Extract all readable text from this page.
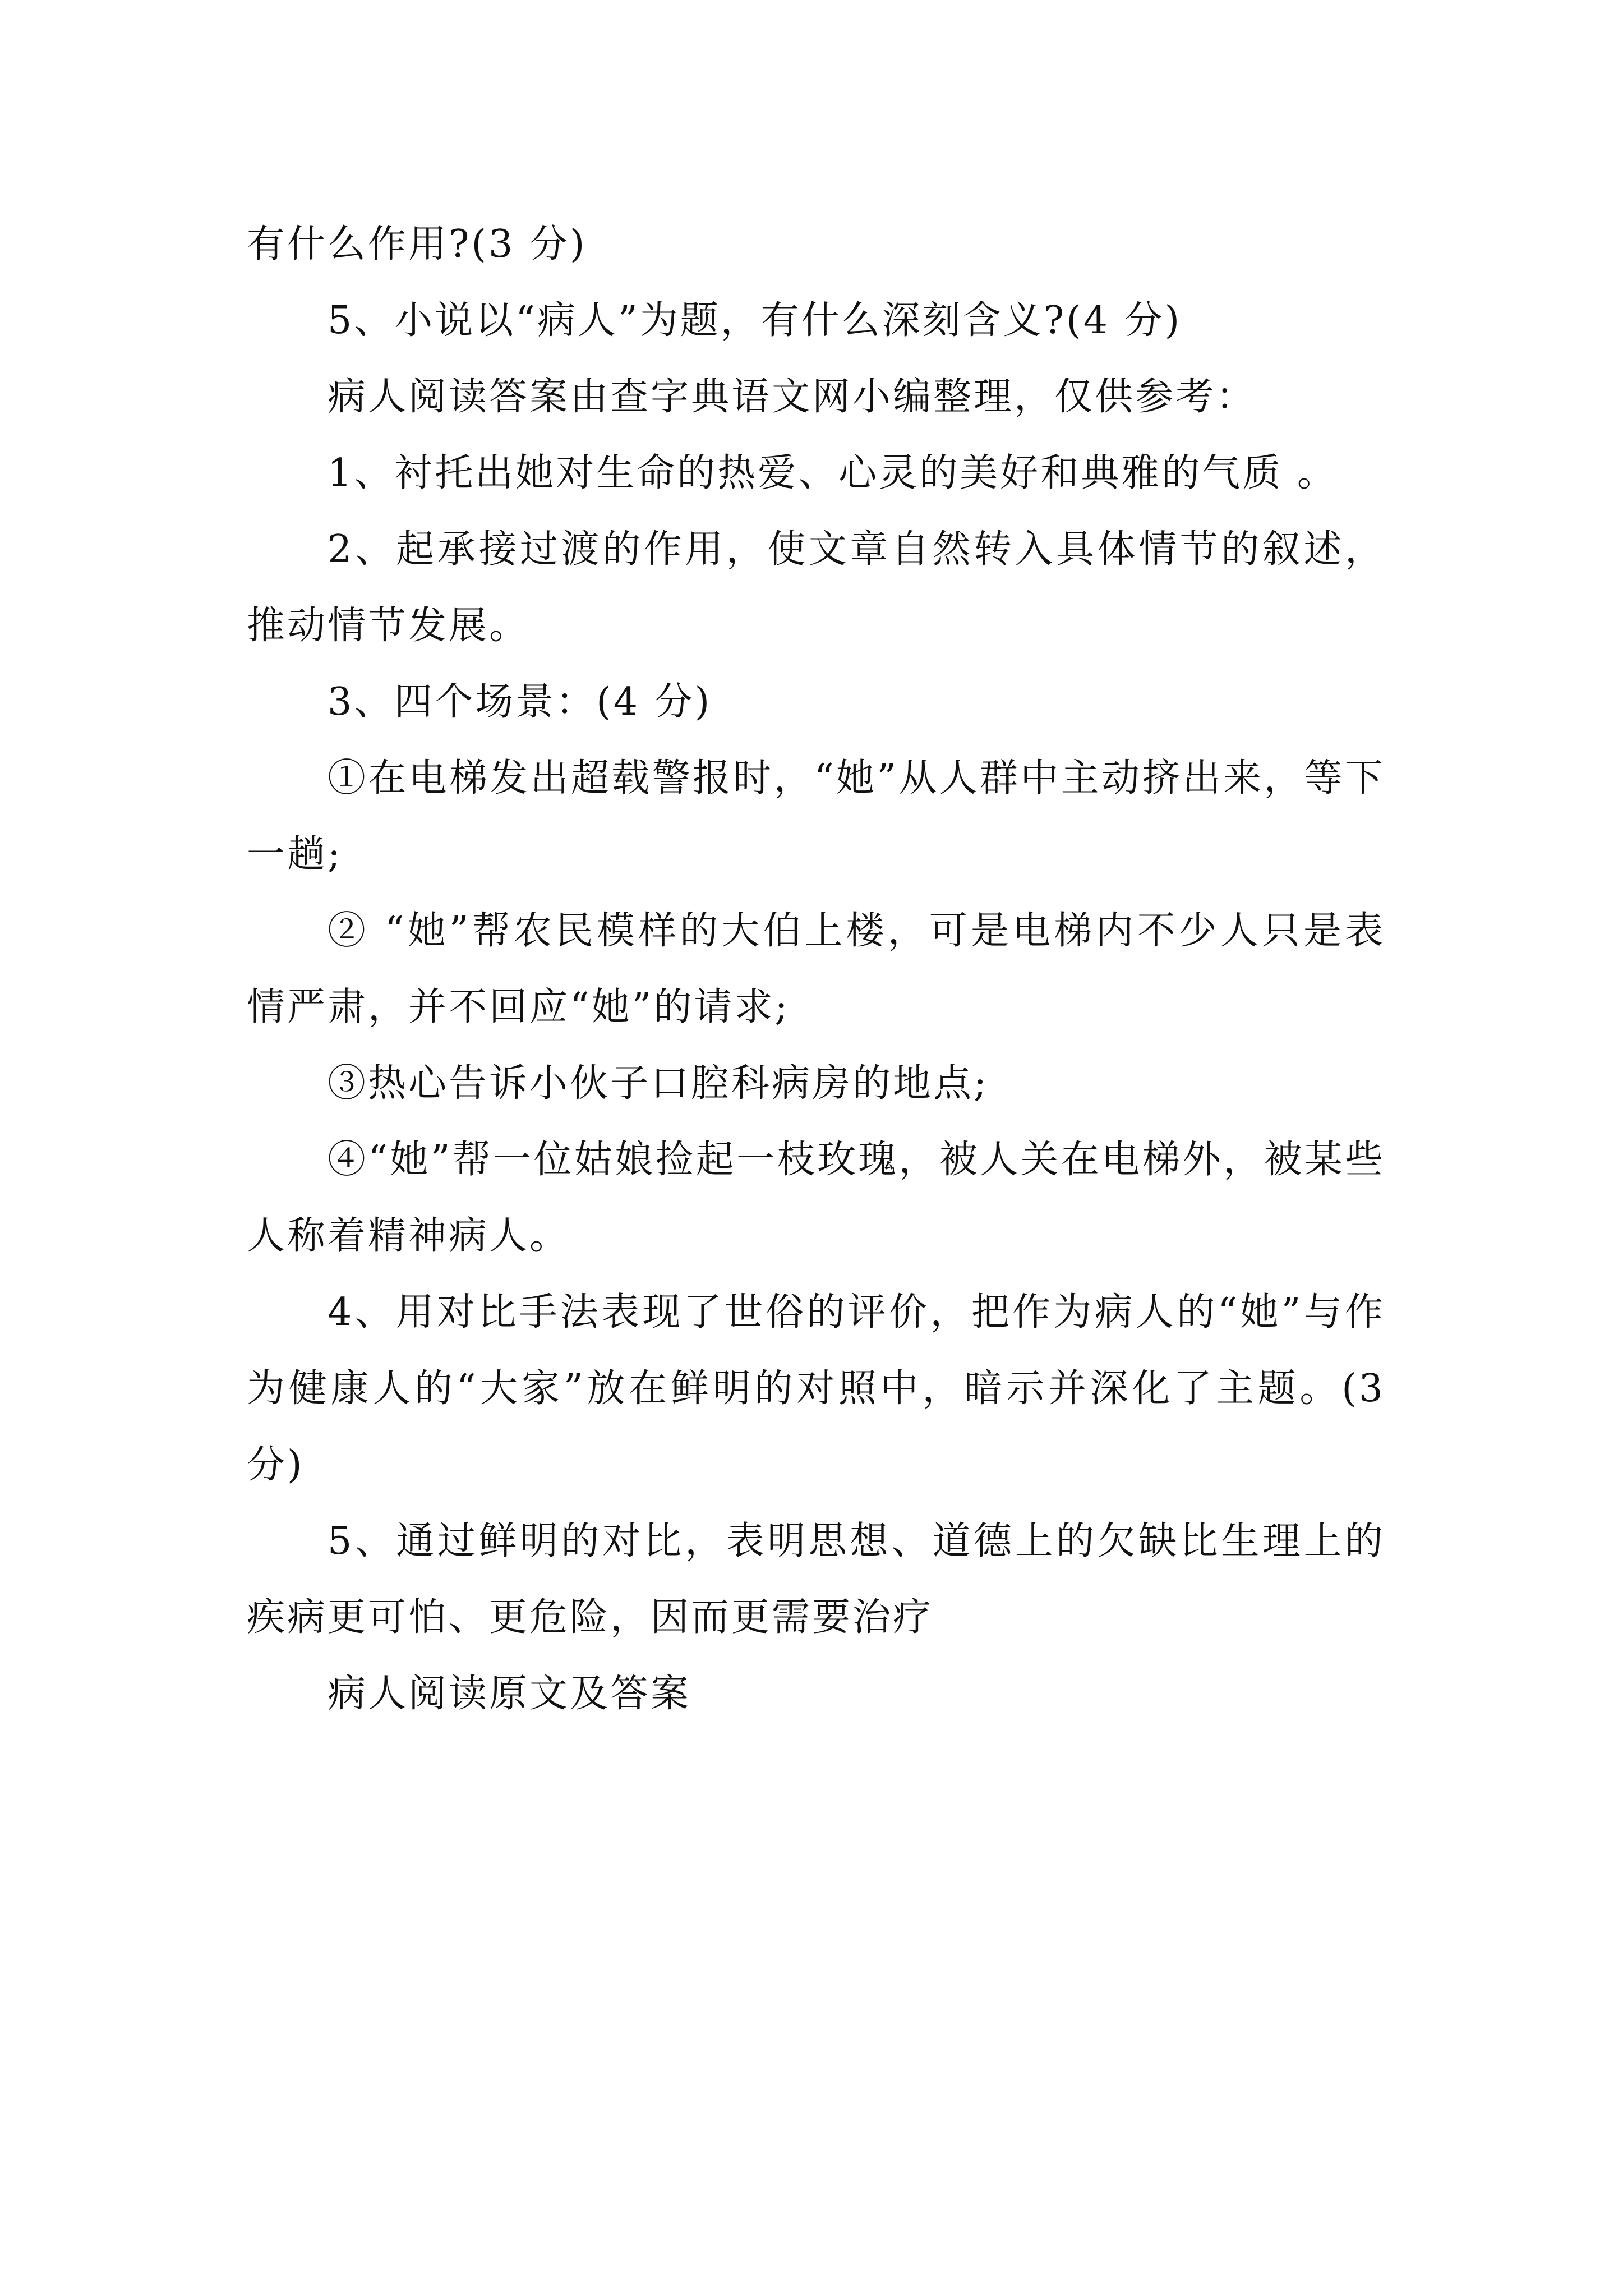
有什么作用?(3 分)

5、小说以“病人”为题，有什么深刻含义?(4 分)

病人阅读答案由查字典语文网小编整理，仅供参考：

1、衬托出她对生命的热爱、心灵的美好和典雅的气质 。

2、起承接过渡的作用，使文章自然转入具体情节的叙述，推动情节发展。

3、四个场景：(4 分)

①在电梯发出超载警报时，“她”从人群中主动挤出来，等下一趟;

② “她”帮农民模样的大伯上楼，可是电梯内不少人只是表情严肃，并不回应“她”的请求;

③热心告诉小伙子口腔科病房的地点;

④“她”帮一位姑娘捡起一枝玫瑰，被人关在电梯外，被某些人称着精神病人。

4、用对比手法表现了世俗的评价，把作为病人的“她”与作为健康人的“大家”放在鲜明的对照中，暗示并深化了主题。(3 分)

5、通过鲜明的对比，表明思想、道德上的欠缺比生理上的疾病更可怕、更危险，因而更需要治疗

病人阅读原文及答案
